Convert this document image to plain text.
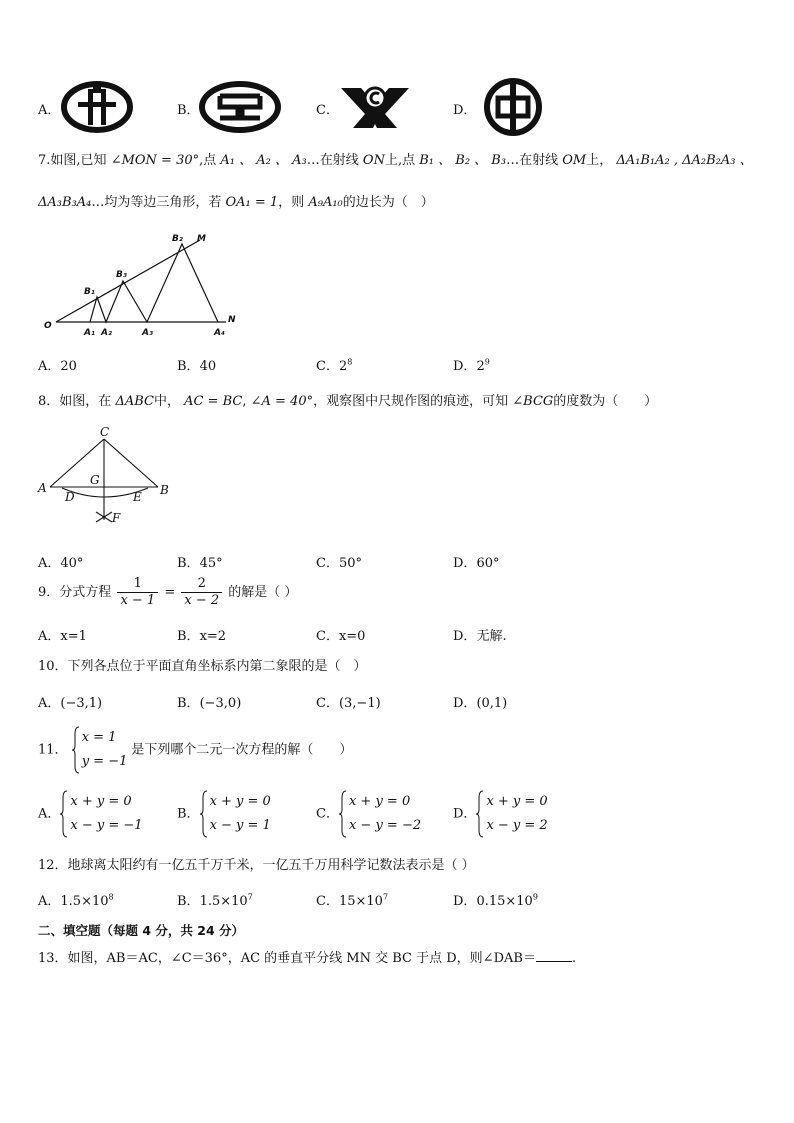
A．	B．	C．	D．
7.如图,已知 ∠MON = 30°,点 A₁ 、 A₂ 、 A₃…在射线 ON上,点 B₁ 、 B₂ 、 B₃…在射线 OM上， ΔA₁B₁A₂ , ΔA₂B₂A₃ 、
ΔA₃B₃A₄…均为等边三角形，若 OA₁ = 1，则 A₉A₁₀的边长为（　）
O
N
M
A₁ A₂	A₃	A₄
B₁
B₃
B₂
A．20	B．40	C．$2^8$	D．$2^9$
8．如图，在 ΔABC中， AC = BC, ∠A = 40°，观察图中尺规作图的痕迹，可知 ∠BCG的度数为（　　）
C
A	B
G
D	E
F
A．40°	B．45°	C．50°	D．60°
9．分式方程 $\frac{1}{x - 1} = \frac{2}{x - 2}$ 的解是（ ）
A．x=1	B．x=2	C．x=0	D．无解.
10．下列各点位于平面直角坐标系内第二象限的是（　）
A．(−3,1)	B．(−3,0)	C．(3,−1)	D．(0,1)
11．
x = 1
y = −1
是下列哪个二元一次方程的解（　　）
A．
x + y = 0
x − y = −1
B．
x + y = 0
x − y = 1
C．
x + y = 0
x − y = −2
D．
x + y = 0
x − y = 2
12．地球离太阳约有一亿五千万千米，一亿五千万用科学记数法表示是（ ）
A．$1.5\times 10^8$	B．$1.5\times 10^7$	C．$15\times 10^7$	D．$0.15\times 10^9$
二、填空题（每题 4 分，共 24 分）
13．如图，AB＝AC，∠C＝36°，AC 的垂直平分线 MN 交 BC 于点 D，则∠DAB＝	.
